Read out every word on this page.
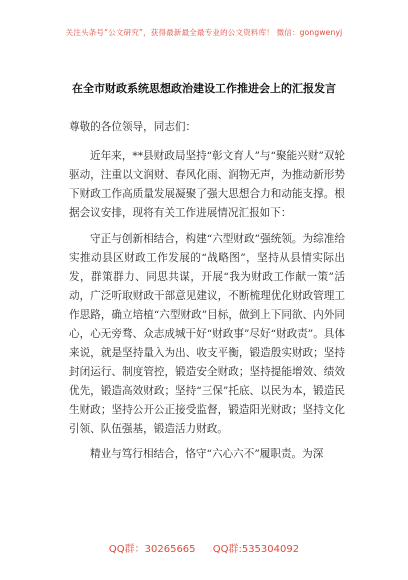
关注头条号“公文研究”，获得最新最全最专业的公文资料库！ 微信：gongwenyj
在全市财政系统思想政治建设工作推进会上的汇报发言

尊敬的各位领导，同志们：

近年来，**县财政局坚持“彰文育人”与“聚能兴财”双轮驱动，注重以文润财、春风化雨、润物无声，为推动新形势下财政工作高质量发展凝聚了强大思想合力和动能支撑。根据会议安排，现将有关工作进展情况汇报如下：

守正与创新相结合，构建“六型财政”强统领。为综准给实推动县区财政工作发展的“战略图”，坚持从县情实际出发，群策群力、同思共谋，开展“我为财政工作献一策”活动，广泛听取财政干部意见建议，不断梳理优化财政管理工作思路，确立培植“六型财政”目标，做到上下同欲、内外同心，心无旁骛、众志成城干好“财政事”尽好“财政责”。具体来说，就是坚持量入为出、收支平衡，锻造殷实财政；坚持封闭运行、制度管控，锻造安全财政；坚持提能增效、绩效优先，锻造高效财政；坚持“三保”托底、以民为本，锻造民生财政；坚持公开公正接受监督，锻造阳光财政；坚持文化引领、队伍强基，锻造活力财政。

精业与笃行相结合，恪守“六心六不”履职责。为深

QQ群：30265665 QQ群:535304092
